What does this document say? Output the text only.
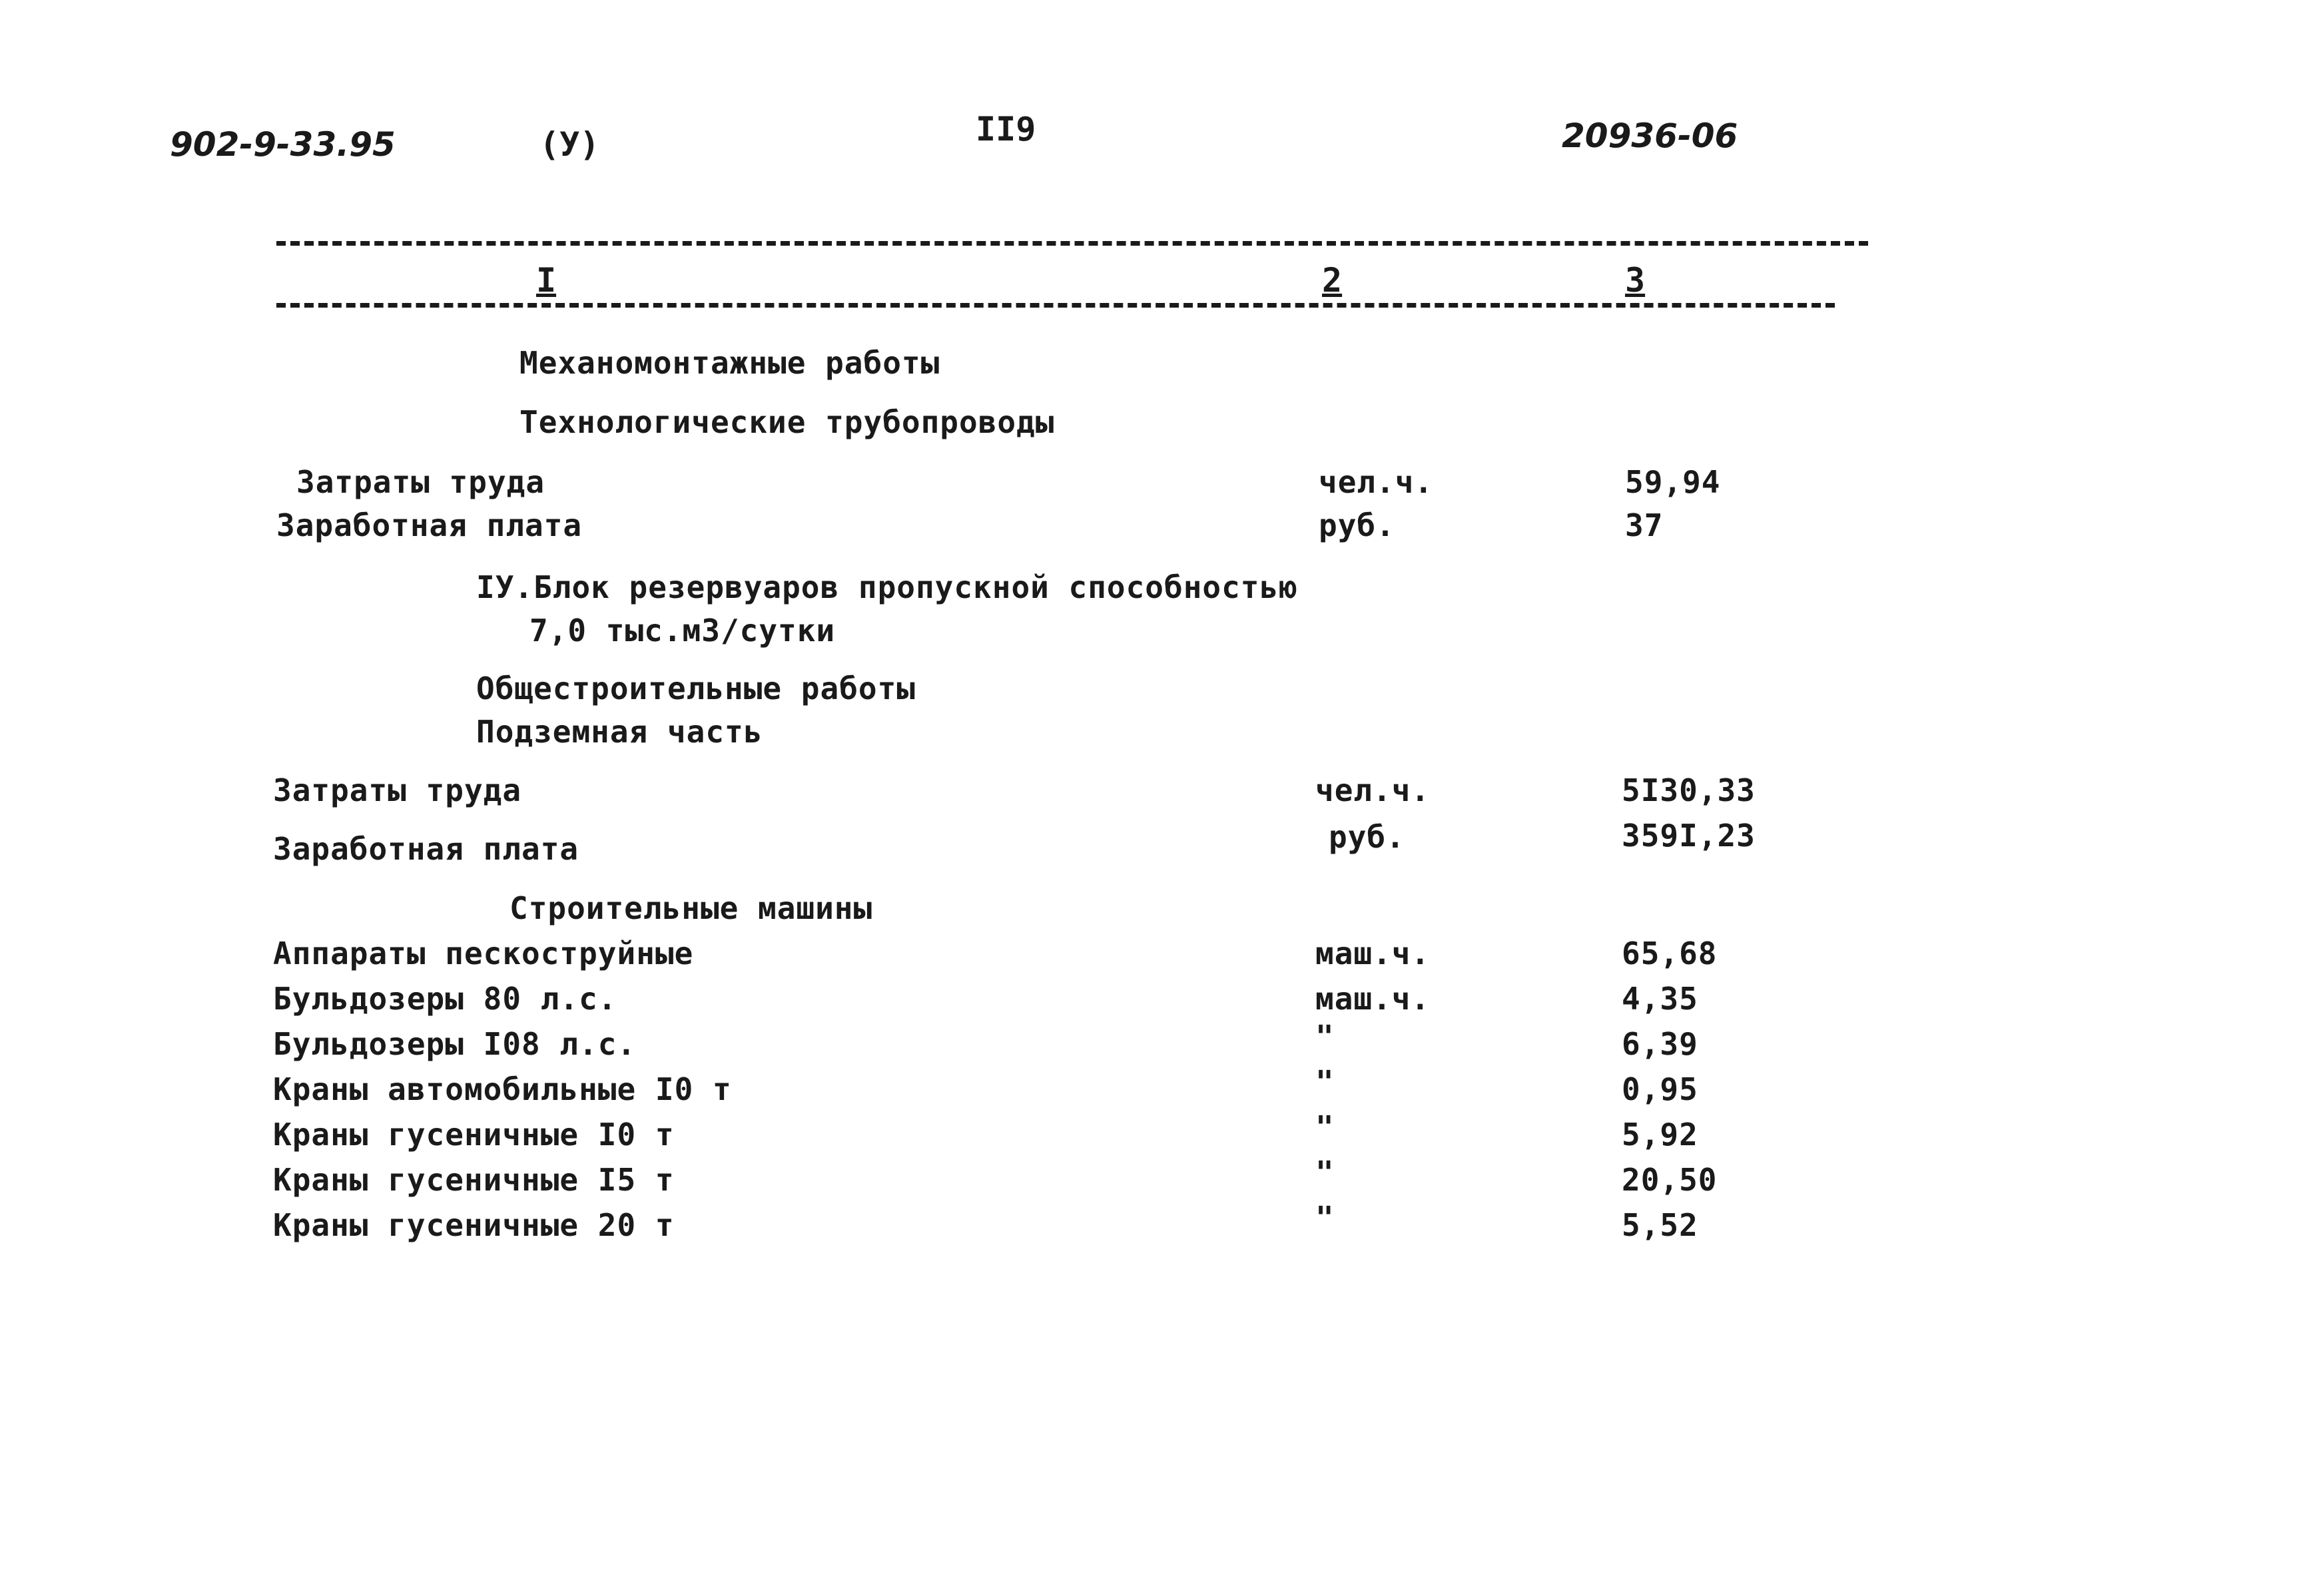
902-9-33.95	(У)	II9	20936-06
I	2	3
Механомонтажные работы
Технологические трубопроводы
Затраты труда	чел.ч.	59,94
Заработная плата	руб.	37
IУ.Блок резервуаров пропускной способностью
7,0 тыс.м3/сутки
Общестроительные работы
Подземная часть
Затраты труда	чел.ч.	5I30,33
Заработная плата	руб.	359I,23
Строительные машины
Аппараты пескоструйные	маш.ч.	65,68
Бульдозеры 80 л.с.	маш.ч.	4,35
Бульдозеры I08 л.с.	"	6,39
Краны автомобильные I0 т	"	0,95
Краны гусеничные I0 т	"	5,92
Краны гусеничные I5 т	"	20,50
Краны гусеничные 20 т	"	5,52
